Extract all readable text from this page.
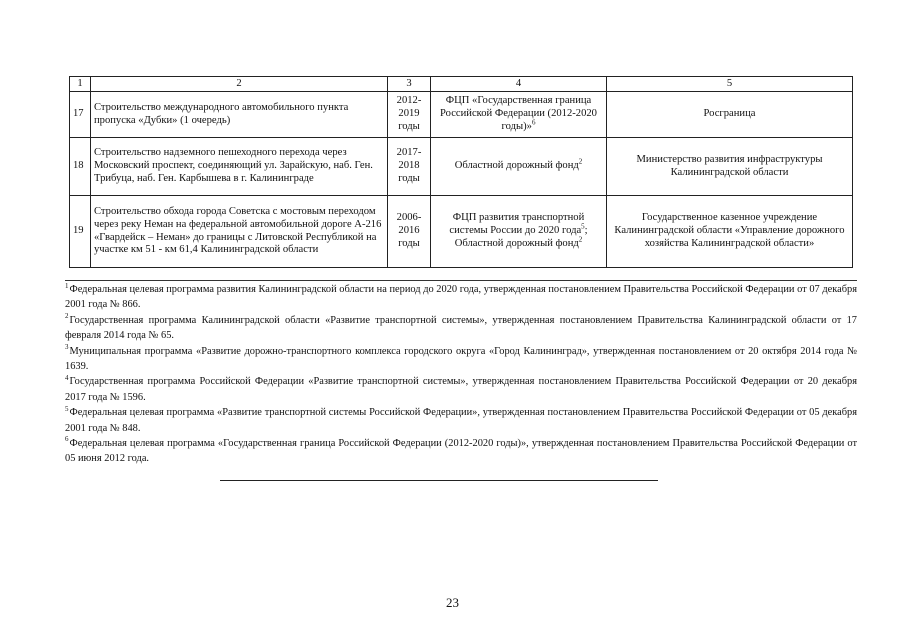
1	2	3	4	5
17	Строительство международного автомобильного пункта пропуска «Дубки» (1 очередь)	2012-2019 годы	ФЦП «Государственная граница Российской Федерации (2012-2020 годы)»$^6$	Росграница
18	Строительство надземного пешеходного перехода через Московский проспект, соединяющий ул. Зарайскую, наб. Ген. Трибуца, наб. Ген. Карбышева в г. Калининграде	2017-2018 годы	Областной дорожный фонд$^2$	Министерство развития инфраструктуры Калининградской области
19	Строительство обхода города Советска с мостовым переходом через реку Неман на федеральной автомобильной дороге А-216 «Гвардейск – Неман» до границы с Литовской Республикой на участке км 51 - км 61,4 Калининградской области	2006-2016 годы	ФЦП развития транспортной системы России до 2020 года$^5$; Областной дорожный фонд$^2$	Государственное казенное учреждение Калининградской области «Управление дорожного хозяйства Калининградской области»

$^1$Федеральная целевая программа развития Калининградской области на период до 2020 года, утвержденная постановлением Правительства Российской Федерации от 07 декабря 2001 года № 866.

$^2$Государственная программа Калининградской области «Развитие транспортной системы», утвержденная постановлением Правительства Калининградской области от 17 февраля 2014 года № 65.

$^3$Муниципальная программа «Развитие дорожно-транспортного комплекса городского округа «Город Калининград», утвержденная постановлением от 20 октября 2014 года № 1639.

$^4$Государственная программа Российской Федерации «Развитие транспортной системы», утвержденная постановлением Правительства Российской Федерации от 20 декабря 2017 года № 1596.

$^5$Федеральная целевая программа «Развитие транспортной системы Российской Федерации», утвержденная постановлением Правительства Российской Федерации от 05 декабря 2001 года № 848.

$^6$Федеральная целевая программа «Государственная граница Российской Федерации (2012-2020 годы)», утвержденная постановлением Правительства Российской Федерации от 05 июня 2012 года.

23
